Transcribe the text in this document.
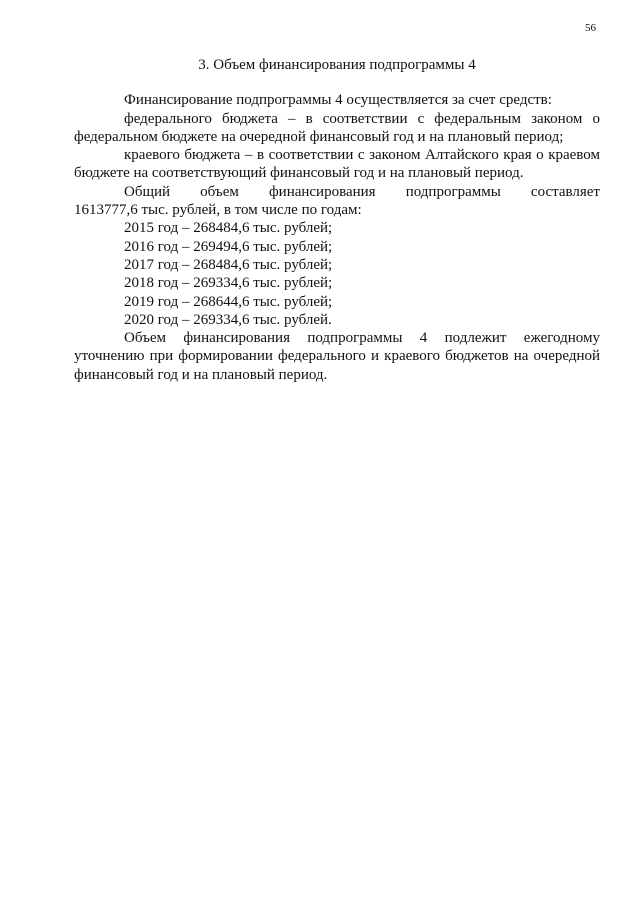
56
3. Объем финансирования подпрограммы 4

Финансирование подпрограммы 4 осуществляется за счет средств:

федерального бюджета – в соответствии с федеральным законом о федеральном бюджете на очередной финансовый год и на плановый период;

краевого бюджета – в соответствии с законом Алтайского края о краевом бюджете на соответствующий финансовый год и на плановый период.

Общий объем финансирования подпрограммы составляет

1613777,6 тыс. рублей, в том числе по годам:

2015 год – 268484,6 тыс. рублей;
2016 год – 269494,6 тыс. рублей;
2017 год – 268484,6 тыс. рублей;
2018 год – 269334,6 тыс. рублей;
2019 год – 268644,6 тыс. рублей;
2020 год – 269334,6 тыс. рублей.

Объем финансирования подпрограммы 4 подлежит ежегодному уточнению при формировании федерального и краевого бюджетов на очередной финансовый год и на плановый период.
